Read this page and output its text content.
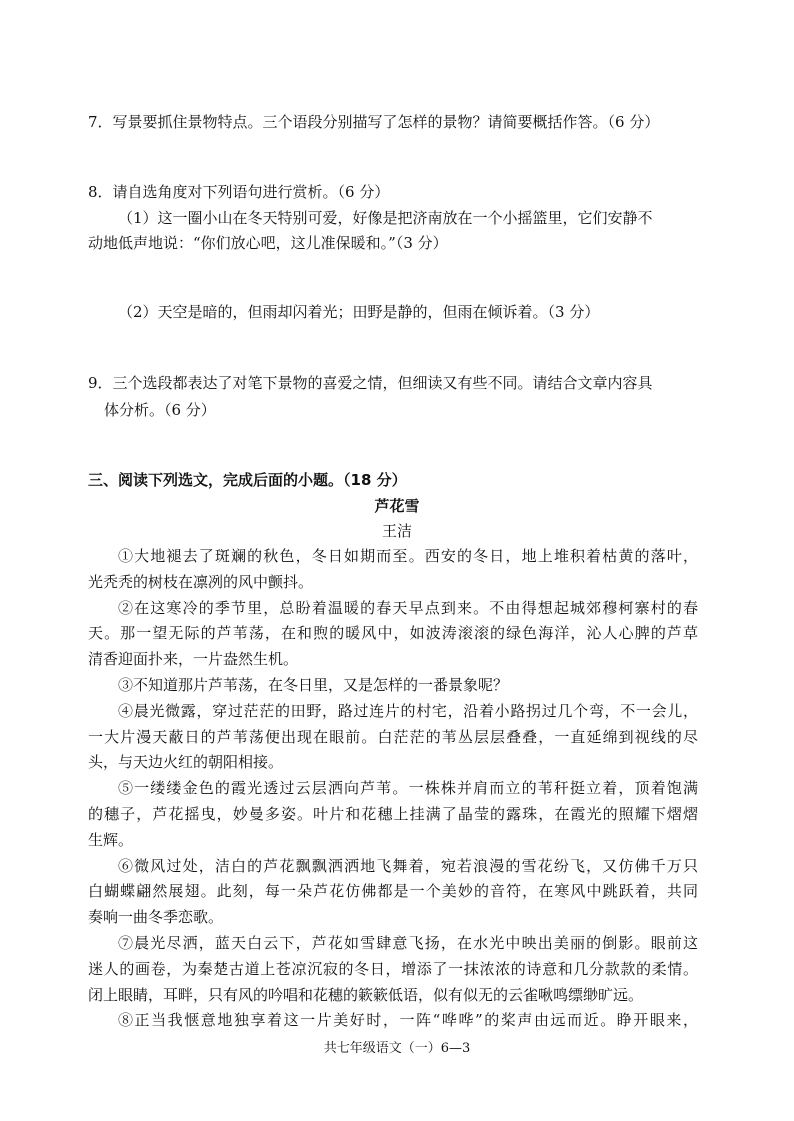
7．写景要抓住景物特点。三个语段分别描写了怎样的景物？请简要概括作答。（6 分）
8．请自选角度对下列语句进行赏析。（6 分）
（1）这一圈小山在冬天特别可爱，好像是把济南放在一个小摇篮里，它们安静不
动地低声地说：“你们放心吧，这儿准保暖和。”（3 分）
（2）天空是暗的，但雨却闪着光；田野是静的，但雨在倾诉着。（3 分）
9．三个选段都表达了对笔下景物的喜爱之情，但细读又有些不同。请结合文章内容具
体分析。（6 分）
三、阅读下列选文，完成后面的小题。（18 分）
芦花雪
王洁
①大地褪去了斑斓的秋色，冬日如期而至。西安的冬日，地上堆积着枯黄的落叶，
光秃秃的树枝在凛冽的风中颤抖。
②在这寒冷的季节里，总盼着温暖的春天早点到来。不由得想起城郊穆柯寨村的春
天。那一望无际的芦苇荡，在和煦的暖风中，如波涛滚滚的绿色海洋，沁人心脾的芦草
清香迎面扑来，一片盎然生机。
③不知道那片芦苇荡，在冬日里，又是怎样的一番景象呢？
④晨光微露，穿过茫茫的田野，路过连片的村宅，沿着小路拐过几个弯，不一会儿，
一大片漫天蔽日的芦苇荡便出现在眼前。白茫茫的苇丛层层叠叠，一直延绵到视线的尽
头，与天边火红的朝阳相接。
⑤一缕缕金色的霞光透过云层洒向芦苇。一株株并肩而立的苇秆挺立着，顶着饱满
的穗子，芦花摇曳，妙曼多姿。叶片和花穗上挂满了晶莹的露珠，在霞光的照耀下熠熠
生辉。
⑥微风过处，洁白的芦花飘飘洒洒地飞舞着，宛若浪漫的雪花纷飞，又仿佛千万只
白蝴蝶翩然展翅。此刻，每一朵芦花仿佛都是一个美妙的音符，在寒风中跳跃着，共同
奏响一曲冬季恋歌。
⑦晨光尽洒，蓝天白云下，芦花如雪肆意飞扬，在水光中映出美丽的倒影。眼前这
迷人的画卷，为秦楚古道上苍凉沉寂的冬日，增添了一抹浓浓的诗意和几分款款的柔情。
闭上眼睛，耳畔，只有风的吟唱和花穗的簌簌低语，似有似无的云雀啾鸣缥缈旷远。
⑧正当我惬意地独享着这一片美好时，一阵“哗哗”的桨声由远而近。睁开眼来，
共七年级语文（一）6—3
